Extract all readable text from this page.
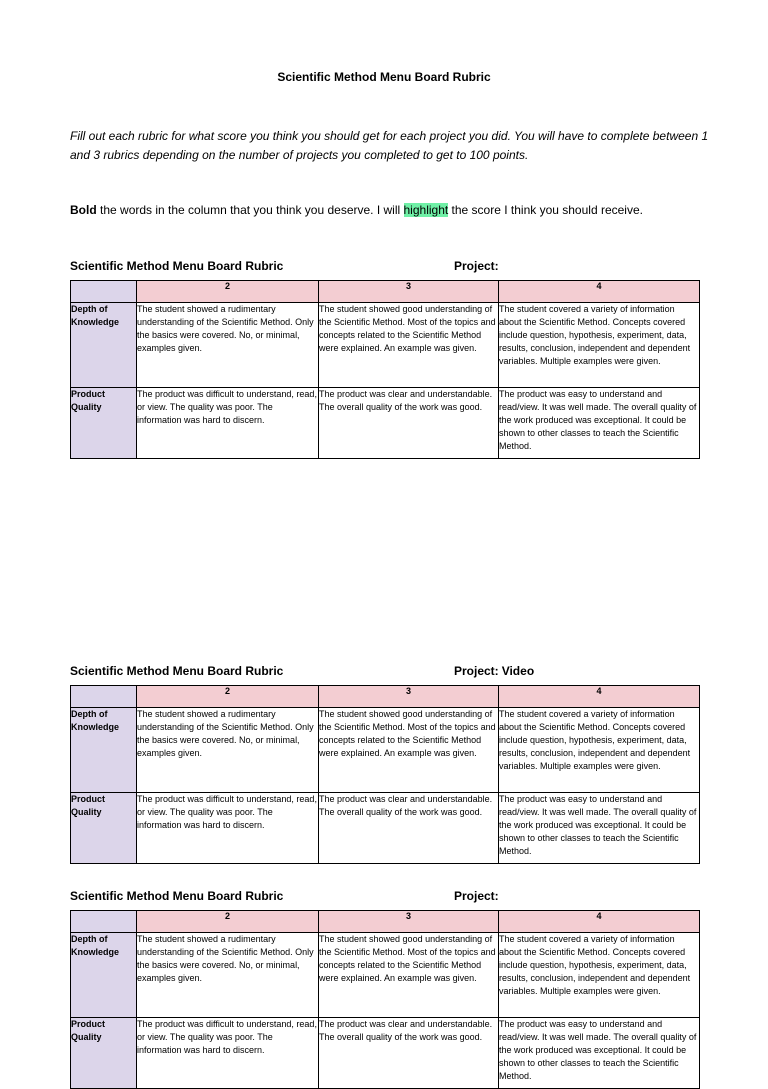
Scientific Method Menu Board Rubric
Fill out each rubric for what score you think you should get for each project you did. You will have to complete between 1 and 3 rubrics depending on the number of projects you completed to get to 100 points.
Bold the words in the column that you think you deserve. I will highlight the score I think you should receive.
Scientific Method Menu Board Rubric	Project:
	2	3	4
Depth of Knowledge	The student showed a rudimentary understanding of the Scientific Method. Only the basics were covered. No, or minimal, examples given.	The student showed good understanding of the Scientific Method. Most of the topics and concepts related to the Scientific Method were explained. An example was given.	The student covered a variety of information about the Scientific Method. Concepts covered include question, hypothesis, experiment, data, results, conclusion, independent and dependent variables. Multiple examples were given.
Product Quality	The product was difficult to understand, read, or view. The quality was poor. The information was hard to discern.	The product was clear and understandable. The overall quality of the work was good.	The product was easy to understand and read/view. It was well made. The overall quality of the work produced was exceptional. It could be shown to other classes to teach the Scientific Method.
Scientific Method Menu Board Rubric	Project: Video
	2	3	4
Depth of Knowledge	The student showed a rudimentary understanding of the Scientific Method. Only the basics were covered. No, or minimal, examples given.	The student showed good understanding of the Scientific Method. Most of the topics and concepts related to the Scientific Method were explained. An example was given.	The student covered a variety of information about the Scientific Method. Concepts covered include question, hypothesis, experiment, data, results, conclusion, independent and dependent variables. Multiple examples were given.
Product Quality	The product was difficult to understand, read, or view. The quality was poor. The information was hard to discern.	The product was clear and understandable. The overall quality of the work was good.	The product was easy to understand and read/view. It was well made. The overall quality of the work produced was exceptional. It could be shown to other classes to teach the Scientific Method.
Scientific Method Menu Board Rubric	Project:
	2	3	4
Depth of Knowledge	The student showed a rudimentary understanding of the Scientific Method. Only the basics were covered. No, or minimal, examples given.	The student showed good understanding of the Scientific Method. Most of the topics and concepts related to the Scientific Method were explained. An example was given.	The student covered a variety of information about the Scientific Method. Concepts covered include question, hypothesis, experiment, data, results, conclusion, independent and dependent variables. Multiple examples were given.
Product Quality	The product was difficult to understand, read, or view. The quality was poor. The information was hard to discern.	The product was clear and understandable. The overall quality of the work was good.	The product was easy to understand and read/view. It was well made. The overall quality of the work produced was exceptional. It could be shown to other classes to teach the Scientific Method.
